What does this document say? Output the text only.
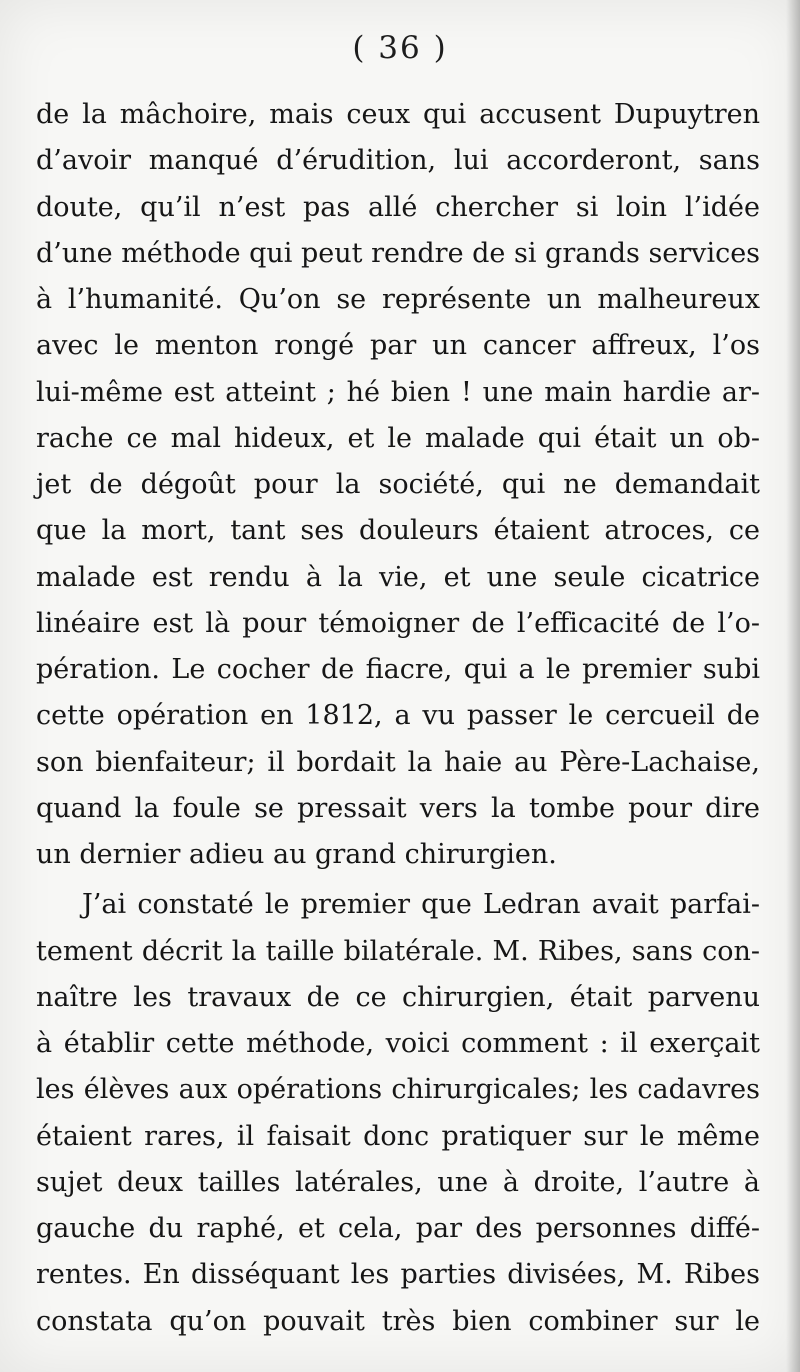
( 36 )
de la mâchoire, mais ceux qui accusent Dupuytren
d’avoir manqué d’érudition, lui accorderont, sans
doute, qu’il n’est pas allé chercher si loin l’idée
d’une méthode qui peut rendre de si grands services
à l’humanité. Qu’on se représente un malheureux
avec le menton rongé par un cancer affreux, l’os
lui-même est atteint ; hé bien ! une main hardie ar-
rache ce mal hideux, et le malade qui était un ob-
jet de dégoût pour la société, qui ne demandait
que la mort, tant ses douleurs étaient atroces, ce
malade est rendu à la vie, et une seule cicatrice
linéaire est là pour témoigner de l’efficacité de l’o-
pération. Le cocher de fiacre, qui a le premier subi
cette opération en 1812, a vu passer le cercueil de
son bienfaiteur; il bordait la haie au Père-Lachaise,
quand la foule se pressait vers la tombe pour dire
un dernier adieu au grand chirurgien.
J’ai constaté le premier que Ledran avait parfai-
tement décrit la taille bilatérale. M. Ribes, sans con-
naître les travaux de ce chirurgien, était parvenu
à établir cette méthode, voici comment : il exerçait
les élèves aux opérations chirurgicales; les cadavres
étaient rares, il faisait donc pratiquer sur le même
sujet deux tailles latérales, une à droite, l’autre à
gauche du raphé, et cela, par des personnes diffé-
rentes. En disséquant les parties divisées, M. Ribes
constata qu’on pouvait très bien combiner sur le
